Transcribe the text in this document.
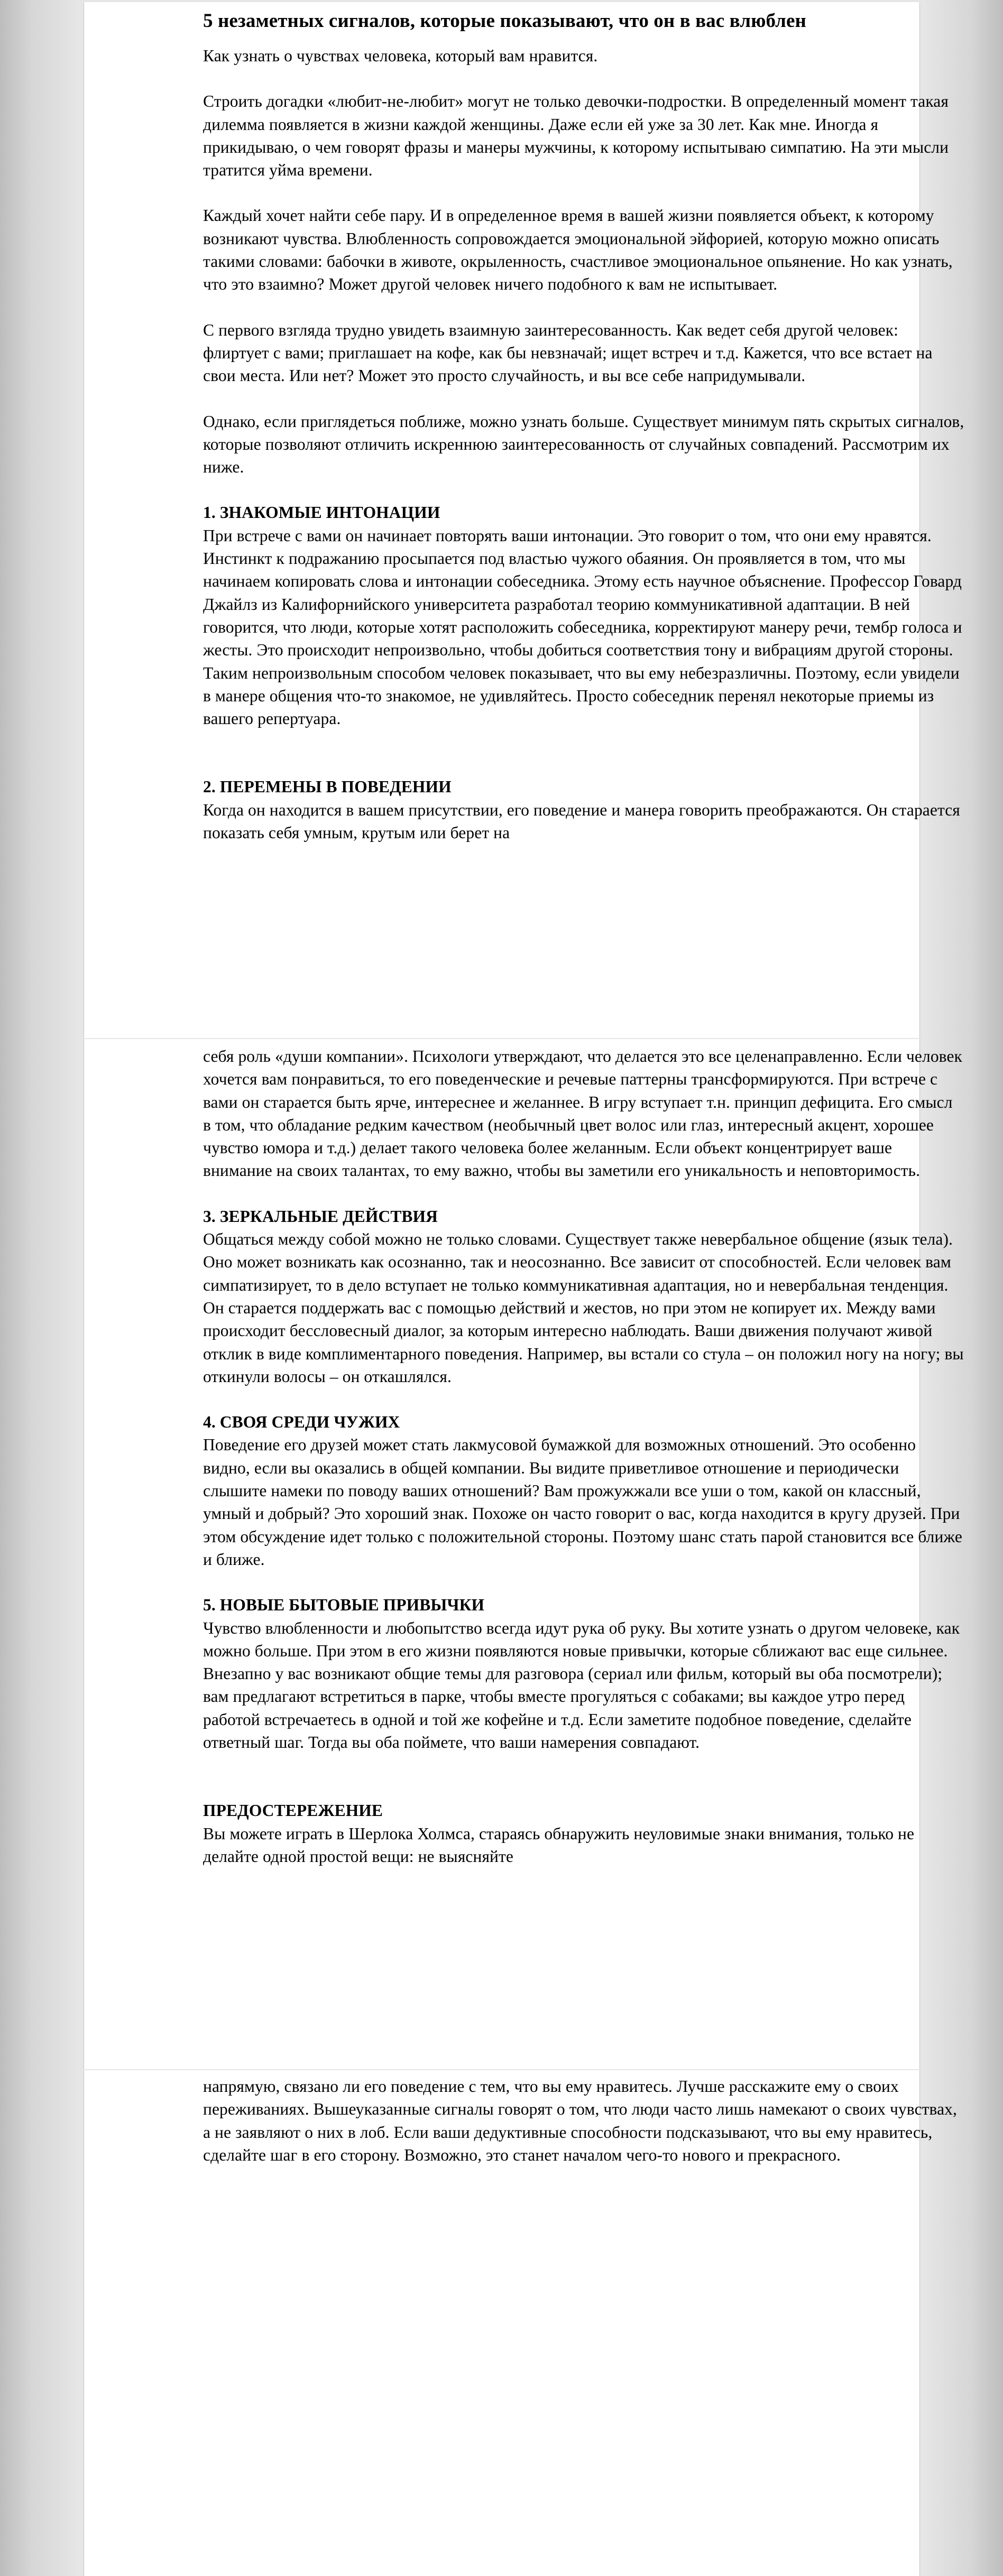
5 незаметных сигналов, которые показывают, что он в вас влюблен

Как узнать о чувствах человека, который вам нравится.

Строить догадки «любит-не-любит» могут не только девочки-подростки. В определенный момент такая дилемма появляется в жизни каждой женщины. Даже если ей уже за 30 лет. Как мне. Иногда я прикидываю, о чем говорят фразы и манеры мужчины, к которому испытываю симпатию. На эти мысли тратится уйма времени.

Каждый хочет найти себе пару. И в определенное время в вашей жизни появляется объект, к которому возникают чувства. Влюбленность сопровождается эмоциональной эйфорией, которую можно описать такими словами: бабочки в животе, окрыленность, счастливое эмоциональное опьянение. Но как узнать, что это взаимно? Может другой человек ничего подобного к вам не испытывает.

С первого взгляда трудно увидеть взаимную заинтересованность. Как ведет себя другой человек: флиртует с вами; приглашает на кофе, как бы невзначай; ищет встреч и т.д. Кажется, что все встает на свои места. Или нет? Может это просто случайность, и вы все себе напридумывали.

Однако, если приглядеться поближе, можно узнать больше. Существует минимум пять скрытых сигналов, которые позволяют отличить искреннюю заинтересованность от случайных совпадений. Рассмотрим их ниже.

1. ЗНАКОМЫЕ ИНТОНАЦИИ
При встрече с вами он начинает повторять ваши интонации. Это говорит о том, что они ему нравятся. Инстинкт к подражанию просыпается под властью чужого обаяния. Он проявляется в том, что мы начинаем копировать слова и интонации собеседника. Этому есть научное объяснение. Профессор Говард Джайлз из Калифорнийского университета разработал теорию коммуникативной адаптации. В ней говорится, что люди, которые хотят расположить собеседника, корректируют манеру речи, тембр голоса и жесты. Это происходит непроизвольно, чтобы добиться соответствия тону и вибрациям другой стороны. Таким непроизвольным способом человек показывает, что вы ему небезразличны. Поэтому, если увидели в манере общения что-то знакомое, не удивляйтесь. Просто собеседник перенял некоторые приемы из вашего репертуара.
2. ПЕРЕМЕНЫ В ПОВЕДЕНИИ
Когда он находится в вашем присутствии, его поведение и манера говорить преображаются. Он старается показать себя умным, крутым или берет на
себя роль «души компании». Психологи утверждают, что делается это все целенаправленно. Если человек хочется вам понравиться, то его поведенческие и речевые паттерны трансформируются. При встрече с вами он старается быть ярче, интереснее и желаннее. В игру вступает т.н. принцип дефицита. Его смысл в том, что обладание редким качеством (необычный цвет волос или глаз, интересный акцент, хорошее чувство юмора и т.д.) делает такого человека более желанным. Если объект концентрирует ваше внимание на своих талантах, то ему важно, чтобы вы заметили его уникальность и неповторимость.
3. ЗЕРКАЛЬНЫЕ ДЕЙСТВИЯ
Общаться между собой можно не только словами. Существует также невербальное общение (язык тела). Оно может возникать как осознанно, так и неосознанно. Все зависит от способностей. Если человек вам симпатизирует, то в дело вступает не только коммуникативная адаптация, но и невербальная тенденция. Он старается поддержать вас с помощью действий и жестов, но при этом не копирует их. Между вами происходит бессловесный диалог, за которым интересно наблюдать. Ваши движения получают живой отклик в виде комплиментарного поведения. Например, вы встали со стула – он положил ногу на ногу; вы откинули волосы – он откашлялся.
4. СВОЯ СРЕДИ ЧУЖИХ
Поведение его друзей может стать лакмусовой бумажкой для возможных отношений. Это особенно видно, если вы оказались в общей компании. Вы видите приветливое отношение и периодически слышите намеки по поводу ваших отношений? Вам прожужжали все уши о том, какой он классный, умный и добрый? Это хороший знак. Похоже он часто говорит о вас, когда находится в кругу друзей. При этом обсуждение идет только с положительной стороны. Поэтому шанс стать парой становится все ближе и ближе.
5. НОВЫЕ БЫТОВЫЕ ПРИВЫЧКИ
Чувство влюбленности и любопытство всегда идут рука об руку. Вы хотите узнать о другом человеке, как можно больше. При этом в его жизни появляются новые привычки, которые сближают вас еще сильнее. Внезапно у вас возникают общие темы для разговора (сериал или фильм, который вы оба посмотрели); вам предлагают встретиться в парке, чтобы вместе прогуляться с собаками; вы каждое утро перед работой встречаетесь в одной и той же кофейне и т.д. Если заметите подобное поведение, сделайте ответный шаг. Тогда вы оба поймете, что ваши намерения совпадают.
ПРЕДОСТЕРЕЖЕНИЕ
Вы можете играть в Шерлока Холмса, стараясь обнаружить неуловимые знаки внимания, только не делайте одной простой вещи: не выясняйте
напрямую, связано ли его поведение с тем, что вы ему нравитесь. Лучше расскажите ему о своих переживаниях. Вышеуказанные сигналы говорят о том, что люди часто лишь намекают о своих чувствах, а не заявляют о них в лоб. Если ваши дедуктивные способности подсказывают, что вы ему нравитесь, сделайте шаг в его сторону. Возможно, это станет началом чего-то нового и прекрасного.
